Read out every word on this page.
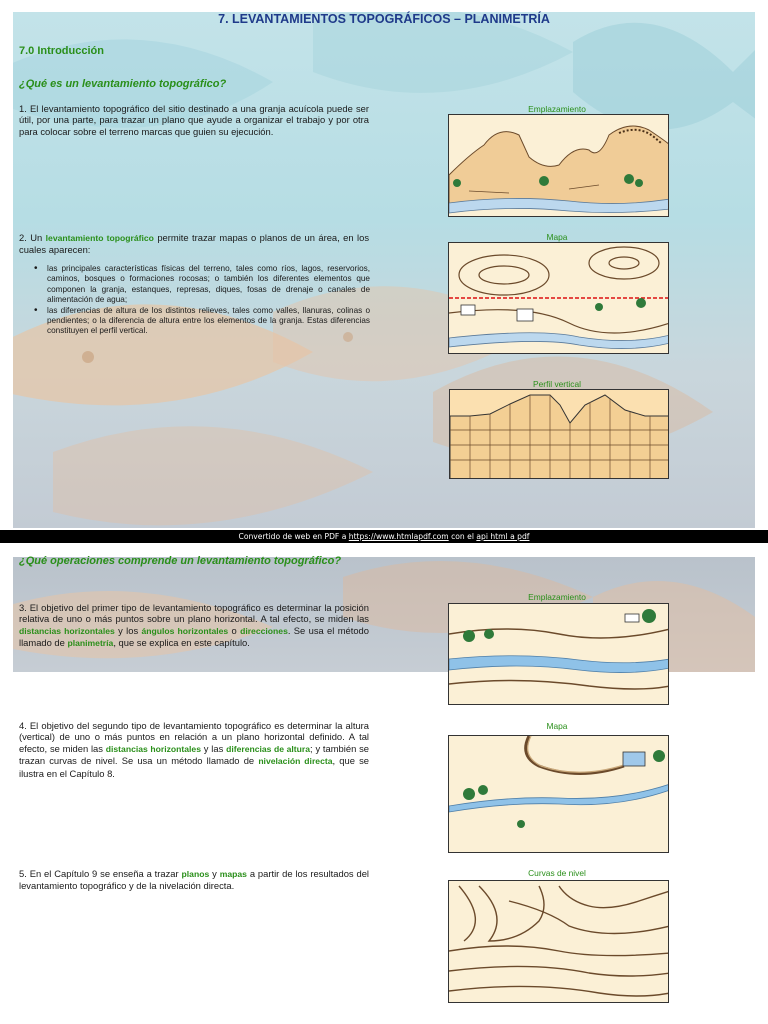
7. LEVANTAMIENTOS TOPOGRÁFICOS – PLANIMETRÍA
7.0 Introducción
¿Qué es un levantamiento topográfico?
1. El levantamiento topográfico del sitio destinado a una granja acuícola puede ser útil, por una parte, para trazar un plano que ayude a organizar el trabajo y por otra para colocar sobre el terreno marcas que guien su ejecución.
2. Un levantamiento topográfico permite trazar mapas o planos de un área, en los cuales aparecen:
• las principales características físicas del terreno, tales como ríos, lagos, reservorios, caminos, bosques o formaciones rocosas; o también los diferentes elementos que componen la granja, estanques, represas, diques, fosas de drenaje o canales de alimentación de agua;
• las diferencias de altura de los distintos relieves, tales como valles, llanuras, colinas o pendientes; o la diferencia de altura entre los elementos de la granja. Estas diferencias constituyen el perfil vertical.
Emplazamiento
Mapa
Perfil vertical
Convertido de web en PDF a https://www.htmlapdf.com con el api html a pdf
¿Qué operaciones comprende un levantamiento topográfico?
3. El objetivo del primer tipo de levantamiento topográfico es determinar la posición relativa de uno o más puntos sobre un plano horizontal. A tal efecto, se miden las distancias horizontales y los ángulos horizontales o direcciones. Se usa el método llamado de planimetría, que se explica en este capítulo.
4. El objetivo del segundo tipo de levantamiento topográfico es determinar la altura (vertical) de uno o más puntos en relación a un plano horizontal definido. A tal efecto, se miden las distancias horizontales y las diferencias de altura; y también se trazan curvas de nivel. Se usa un método llamado de nivelación directa, que se ilustra en el Capítulo 8.
5. En el Capítulo 9 se enseña a trazar planos y mapas a partir de los resultados del levantamiento topográfico y de la nivelación directa.
Emplazamiento
Mapa
Curvas de nivel
